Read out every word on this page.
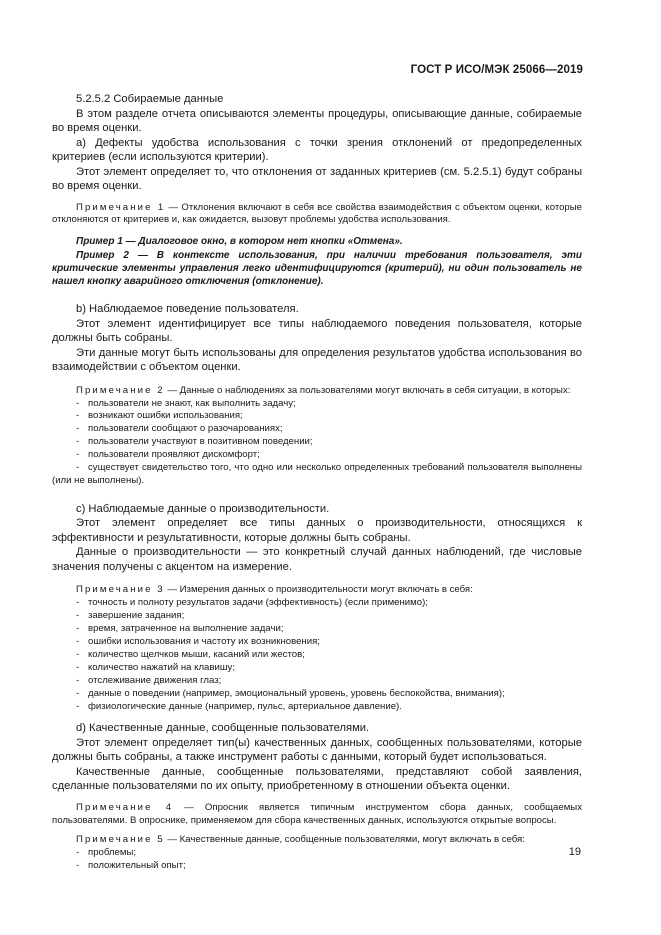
ГОСТ Р ИСО/МЭК 25066—2019

5.2.5.2 Собираемые данные

В этом разделе отчета описываются элементы процедуры, описывающие данные, собираемые во время оценки.

а) Дефекты удобства использования с точки зрения отклонений от предопределенных критериев (если используются критерии).

Этот элемент определяет то, что отклонения от заданных критериев (см. 5.2.5.1) будут собраны во время оценки.

Примечание 1 — Отклонения включают в себя все свойства взаимодействия с объектом оценки, которые отклоняются от критериев и, как ожидается, вызовут проблемы удобства использования.

Пример 1 — Диалоговое окно, в котором нет кнопки «Отмена».

Пример 2 — В контексте использования, при наличии требования пользователя, эти критические элементы управления легко идентифицируются (критерий), ни один пользователь не нашел кнопку аварийного отключения (отклонение).

b) Наблюдаемое поведение пользователя.

Этот элемент идентифицирует все типы наблюдаемого поведения пользователя, которые должны быть собраны.

Эти данные могут быть использованы для определения результатов удобства использования во взаимодействии с объектом оценки.

Примечание 2 — Данные о наблюдениях за пользователями могут включать в себя ситуации, в которых:

- пользователи не знают, как выполнить задачу;

- возникают ошибки использования;

- пользователи сообщают о разочарованиях;

- пользователи участвуют в позитивном поведении;

- пользователи проявляют дискомфорт;

- существует свидетельство того, что одно или несколько определенных требований пользователя выполнены (или не выполнены).

с) Наблюдаемые данные о производительности.

Этот элемент определяет все типы данных о производительности, относящихся к эффективности и результативности, которые должны быть собраны.

Данные о производительности — это конкретный случай данных наблюдений, где числовые значения получены с акцентом на измерение.

Примечание 3 — Измерения данных о производительности могут включать в себя:

- точность и полноту результатов задачи (эффективность) (если применимо);

- завершение задания;

- время, затраченное на выполнение задачи;

- ошибки использования и частоту их возникновения;

- количество щелчков мыши, касаний или жестов;

- количество нажатий на клавишу;

- отслеживание движения глаз;

- данные о поведении (например, эмоциональный уровень, уровень беспокойства, внимания);

- физиологические данные (например, пульс, артериальное давление).

d) Качественные данные, сообщенные пользователями.

Этот элемент определяет тип(ы) качественных данных, сообщенных пользователями, которые должны быть собраны, а также инструмент работы с данными, который будет использоваться.

Качественные данные, сообщенные пользователями, представляют собой заявления, сделанные пользователями по их опыту, приобретенному в отношении объекта оценки.

Примечание 4 — Опросник является типичным инструментом сбора данных, сообщаемых пользователями. В опроснике, применяемом для сбора качественных данных, используются открытые вопросы.

Примечание 5 — Качественные данные, сообщенные пользователями, могут включать в себя:

- проблемы;

- положительный опыт;

19
